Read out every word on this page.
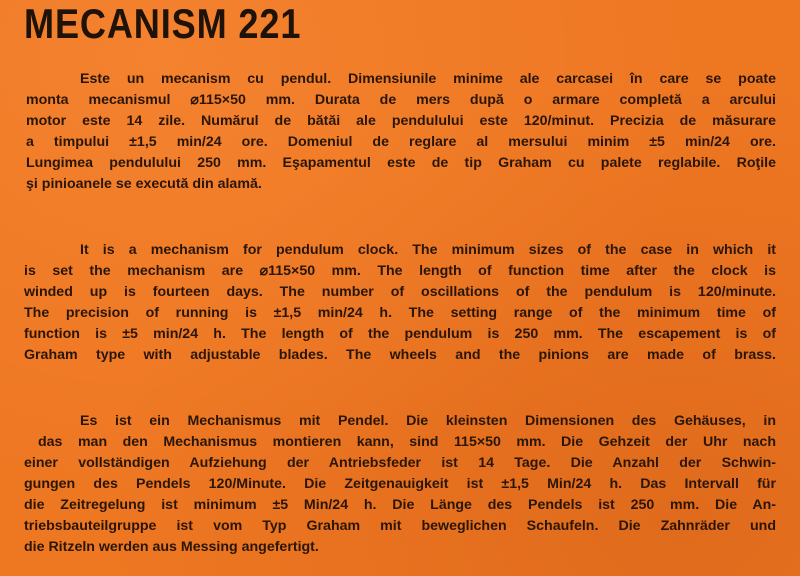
MECANISM 221
Este un mecanism cu pendul. Dimensiunile minime ale carcasei în care se poate
monta mecanismul ⌀115×50 mm. Durata de mers după o armare completă a arcului
motor este 14 zile. Numărul de bătăi ale pendulului este 120/minut. Precizia de măsurare
a timpului ±1,5 min/24 ore. Domeniul de reglare al mersului minim ±5 min/24 ore.
Lungimea pendulului 250 mm. Eşapamentul este de tip Graham cu palete reglabile. Roţile
şi pinioanele se execută din alamă.
It is a mechanism for pendulum clock. The minimum sizes of the case in which it
is set the mechanism are ⌀115×50 mm. The length of function time after the clock is
winded up is fourteen days. The number of oscillations of the pendulum is 120/minute.
The precision of running is ±1,5 min/24 h. The setting range of the minimum time of
function is ±5 min/24 h. The length of the pendulum is 250 mm. The escapement is of
Graham type with adjustable blades. The wheels and the pinions are made of brass.
Es ist ein Mechanismus mit Pendel. Die kleinsten Dimensionen des Gehäuses, in
das man den Mechanismus montieren kann, sind 115×50 mm. Die Gehzeit der Uhr nach
einer vollständigen Aufziehung der Antriebsfeder ist 14 Tage. Die Anzahl der Schwin-
gungen des Pendels 120/Minute. Die Zeitgenauigkeit ist ±1,5 Min/24 h. Das Intervall für
die Zeitregelung ist minimum ±5 Min/24 h. Die Länge des Pendels ist 250 mm. Die An-
triebsbauteilgruppe ist vom Typ Graham mit beweglichen Schaufeln. Die Zahnräder und
die Ritzeln werden aus Messing angefertigt.
